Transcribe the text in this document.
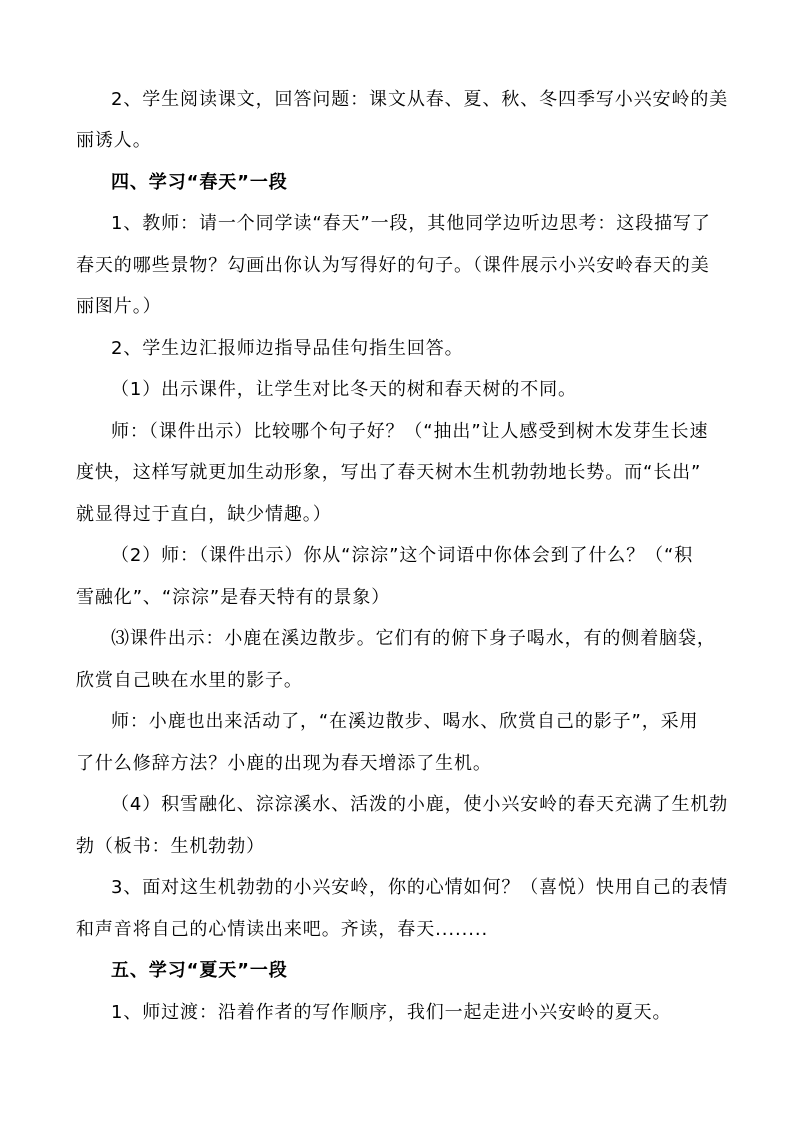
2、学生阅读课文，回答问题：课文从春、夏、秋、冬四季写小兴安岭的美
丽诱人。
四、学习“春天”一段
1、教师：请一个同学读“春天”一段，其他同学边听边思考：这段描写了
春天的哪些景物？勾画出你认为写得好的句子。（课件展示小兴安岭春天的美
丽图片。）
2、学生边汇报师边指导品佳句指生回答。
（1）出示课件，让学生对比冬天的树和春天树的不同。
师：（课件出示）比较哪个句子好？（“抽出”让人感受到树木发芽生长速
度快，这样写就更加生动形象，写出了春天树木生机勃勃地长势。而“长出”
就显得过于直白，缺少情趣。）
（2）师：（课件出示）你从“淙淙”这个词语中你体会到了什么？（“积
雪融化”、“淙淙”是春天特有的景象）
⑶课件出示：小鹿在溪边散步。它们有的俯下身子喝水，有的侧着脑袋，
欣赏自己映在水里的影子。
师：小鹿也出来活动了，“在溪边散步、喝水、欣赏自己的影子”，采用
了什么修辞方法？小鹿的出现为春天增添了生机。
（4）积雪融化、淙淙溪水、活泼的小鹿，使小兴安岭的春天充满了生机勃
勃（板书：生机勃勃）
3、面对这生机勃勃的小兴安岭，你的心情如何？（喜悦）快用自己的表情
和声音将自己的心情读出来吧。齐读，春天........
五、学习“夏天”一段
1、师过渡：沿着作者的写作顺序，我们一起走进小兴安岭的夏天。
